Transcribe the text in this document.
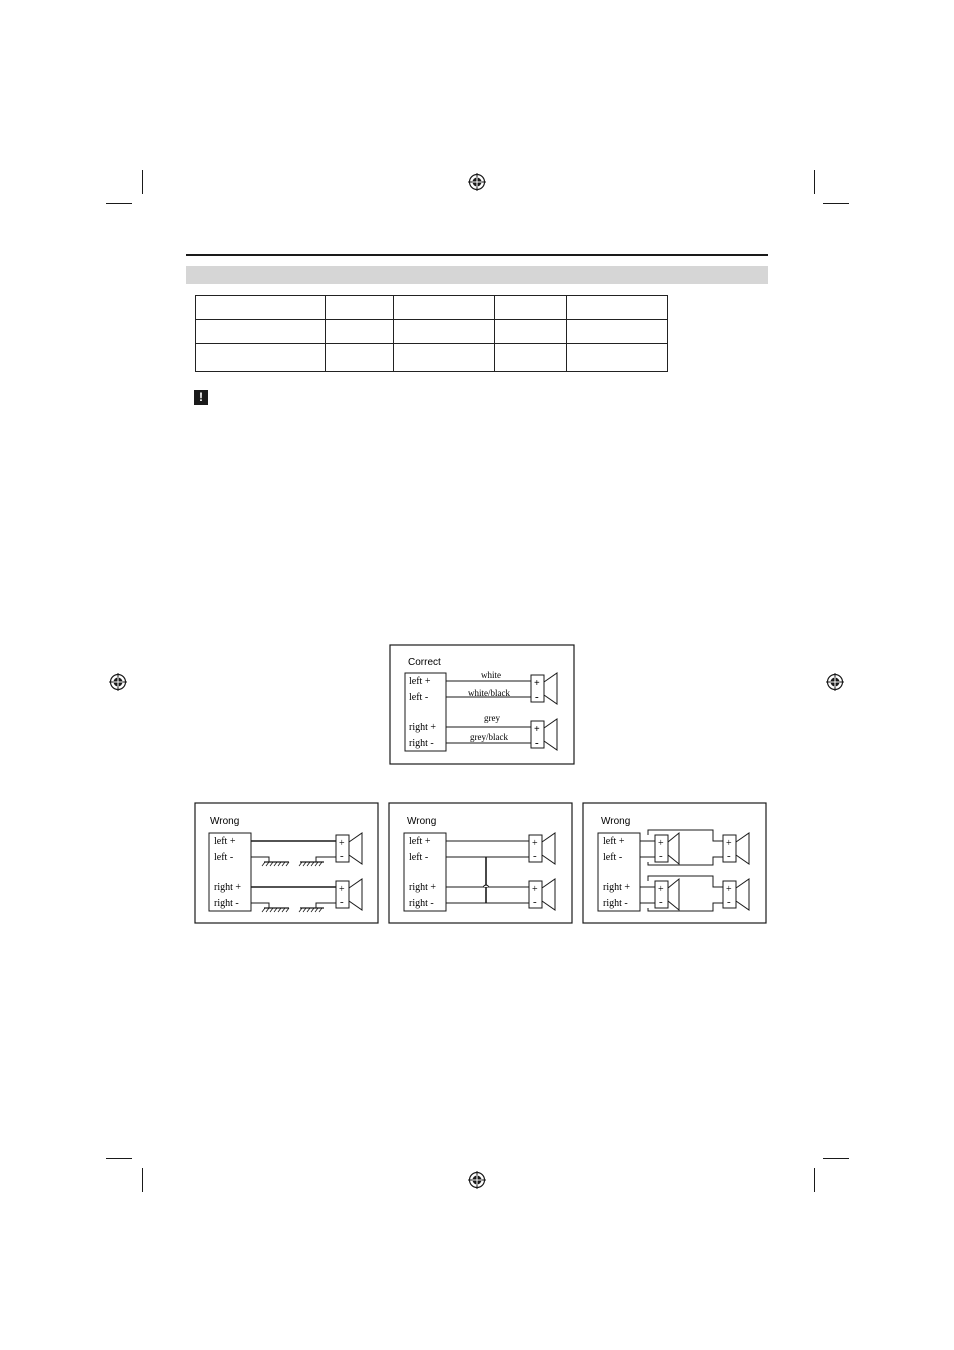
!
Correct
left +
left -
right +
right -
white
white/black
grey
grey/black
+
-
+
-
Wrong
left +
left -
right +
right -
+
-
+
-
Wrong
left +
left -
right +
right -
+
-
+
-
Wrong
left +
left -
right +
right -
+
-
+
-
+
-
+
-
